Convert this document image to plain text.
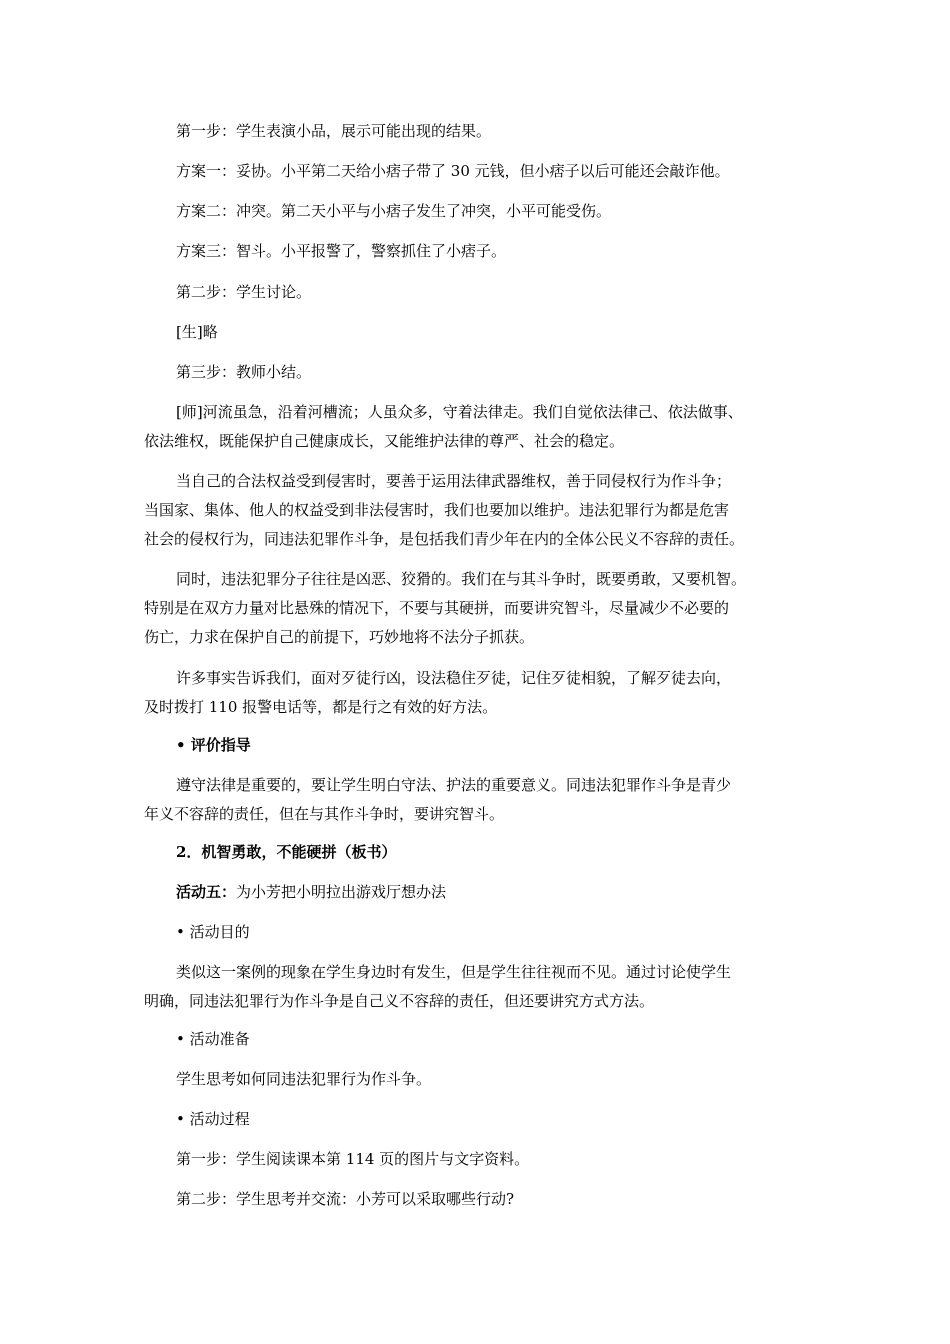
第一步：学生表演小品，展示可能出现的结果。

方案一：妥协。小平第二天给小痞子带了 30 元钱，但小痞子以后可能还会敲诈他。

方案二：冲突。第二天小平与小痞子发生了冲突，小平可能受伤。

方案三：智斗。小平报警了，警察抓住了小痞子。

第二步：学生讨论。

[生]略

第三步：教师小结。

[师]河流虽急，沿着河槽流；人虽众多，守着法律走。我们自觉依法律己、依法做事、
依法维权，既能保护自己健康成长，又能维护法律的尊严、社会的稳定。

当自己的合法权益受到侵害时，要善于运用法律武器维权，善于同侵权行为作斗争；
当国家、集体、他人的权益受到非法侵害时，我们也要加以维护。违法犯罪行为都是危害
社会的侵权行为，同违法犯罪作斗争，是包括我们青少年在内的全体公民义不容辞的责任。

同时，违法犯罪分子往往是凶恶、狡猾的。我们在与其斗争时，既要勇敢，又要机智。
特别是在双方力量对比悬殊的情况下，不要与其硬拼，而要讲究智斗，尽量减少不必要的
伤亡，力求在保护自己的前提下，巧妙地将不法分子抓获。

许多事实告诉我们，面对歹徒行凶，设法稳住歹徒，记住歹徒相貌，了解歹徒去向，
及时拨打 110 报警电话等，都是行之有效的好方法。

• 评价指导

遵守法律是重要的，要让学生明白守法、护法的重要意义。同违法犯罪作斗争是青少
年义不容辞的责任，但在与其作斗争时，要讲究智斗。

2．机智勇敢，不能硬拼（板书）

活动五：为小芳把小明拉出游戏厅想办法

• 活动目的

类似这一案例的现象在学生身边时有发生，但是学生往往视而不见。通过讨论使学生
明确，同违法犯罪行为作斗争是自己义不容辞的责任，但还要讲究方式方法。

• 活动准备

学生思考如何同违法犯罪行为作斗争。

• 活动过程

第一步：学生阅读课本第 114 页的图片与文字资料。

第二步：学生思考并交流：小芳可以采取哪些行动?
